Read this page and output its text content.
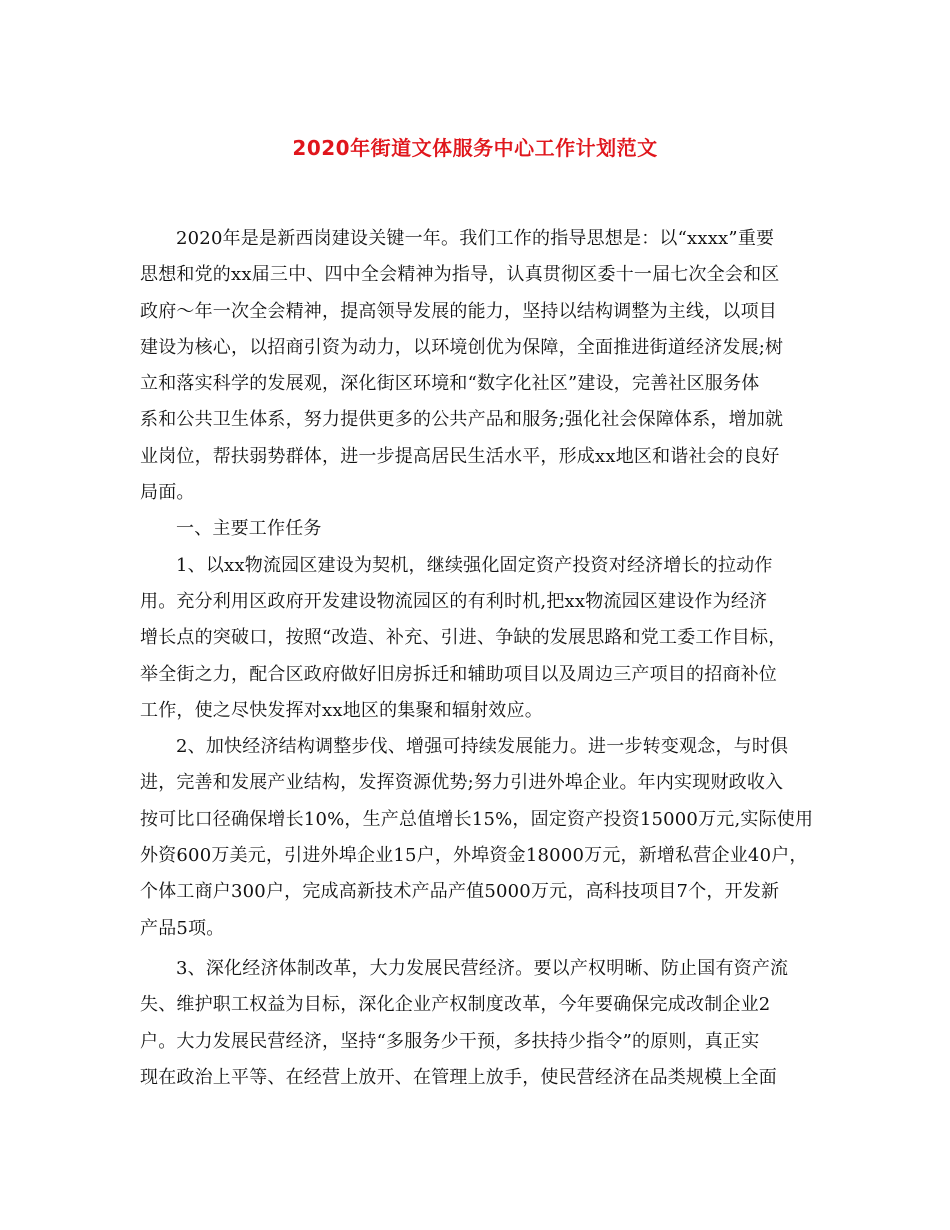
2020年街道文体服务中心工作计划范文
2020年是是新西岗建设关键一年。我们工作的指导思想是：以“xxxx”重要
思想和党的xx届三中、四中全会精神为指导，认真贯彻区委十一届七次全会和区
政府～年一次全会精神，提高领导发展的能力，坚持以结构调整为主线，以项目
建设为核心，以招商引资为动力，以环境创优为保障，全面推进街道经济发展;树
立和落实科学的发展观，深化街区环境和“数字化社区”建设，完善社区服务体
系和公共卫生体系，努力提供更多的公共产品和服务;强化社会保障体系，增加就
业岗位，帮扶弱势群体，进一步提高居民生活水平，形成xx地区和谐社会的良好
局面。
一、主要工作任务
1、以xx物流园区建设为契机，继续强化固定资产投资对经济增长的拉动作
用。充分利用区政府开发建设物流园区的有利时机,把xx物流园区建设作为经济
增长点的突破口，按照“改造、补充、引进、争缺的发展思路和党工委工作目标，
举全街之力，配合区政府做好旧房拆迁和辅助项目以及周边三产项目的招商补位
工作，使之尽快发挥对xx地区的集聚和辐射效应。
2、加快经济结构调整步伐、增强可持续发展能力。进一步转变观念，与时俱
进，完善和发展产业结构，发挥资源优势;努力引进外埠企业。年内实现财政收入
按可比口径确保增长10%，生产总值增长15%，固定资产投资15000万元,实际使用
外资600万美元，引进外埠企业15户，外埠资金18000万元，新增私营企业40户，
个体工商户300户，完成高新技术产品产值5000万元，高科技项目7个，开发新
产品5项。
3、深化经济体制改革，大力发展民营经济。要以产权明晰、防止国有资产流
失、维护职工权益为目标，深化企业产权制度改革，今年要确保完成改制企业2
户。大力发展民营经济，坚持“多服务少干预，多扶持少指令”的原则，真正实
现在政治上平等、在经营上放开、在管理上放手，使民营经济在品类规模上全面
